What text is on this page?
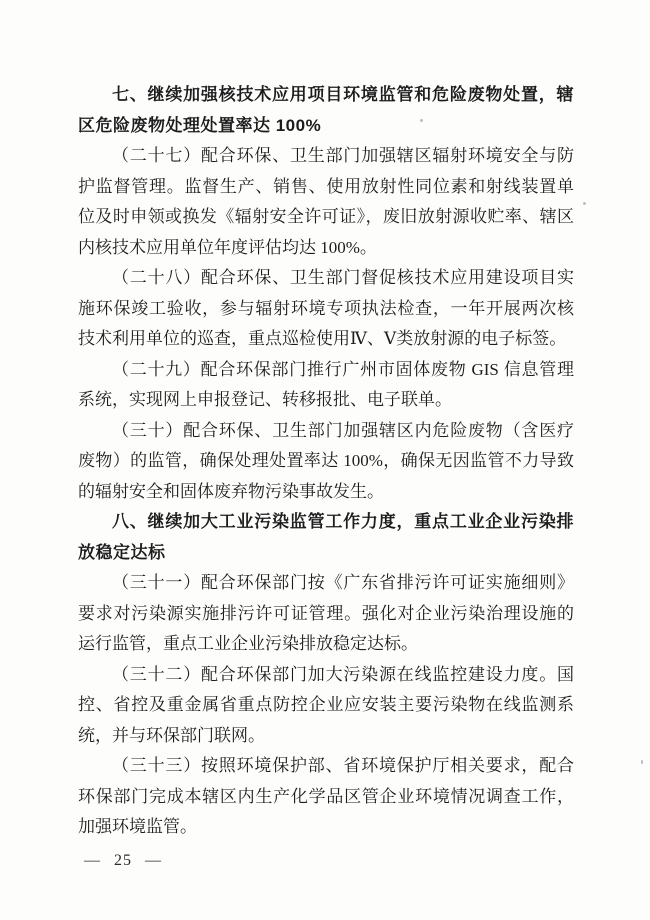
七、继续加强核技术应用项目环境监管和危险废物处置，辖
区危险废物处理处置率达 100%
（二十七）配合环保、卫生部门加强辖区辐射环境安全与防
护监督管理。监督生产、销售、使用放射性同位素和射线装置单
位及时申领或换发《辐射安全许可证》，废旧放射源收贮率、辖区
内核技术应用单位年度评估均达 100%。
（二十八）配合环保、卫生部门督促核技术应用建设项目实
施环保竣工验收，参与辐射环境专项执法检查，一年开展两次核
技术利用单位的巡查，重点巡检使用Ⅳ、Ⅴ类放射源的电子标签。
（二十九）配合环保部门推行广州市固体废物 GIS 信息管理
系统，实现网上申报登记、转移报批、电子联单。
（三十）配合环保、卫生部门加强辖区内危险废物（含医疗
废物）的监管，确保处理处置率达 100%，确保无因监管不力导致
的辐射安全和固体废弃物污染事故发生。
八、继续加大工业污染监管工作力度，重点工业企业污染排
放稳定达标
（三十一）配合环保部门按《广东省排污许可证实施细则》
要求对污染源实施排污许可证管理。强化对企业污染治理设施的
运行监管，重点工业企业污染排放稳定达标。
（三十二）配合环保部门加大污染源在线监控建设力度。国
控、省控及重金属省重点防控企业应安装主要污染物在线监测系
统，并与环保部门联网。
（三十三）按照环境保护部、省环境保护厅相关要求，配合
环保部门完成本辖区内生产化学品区管企业环境情况调查工作，
加强环境监管。
— 25 —
